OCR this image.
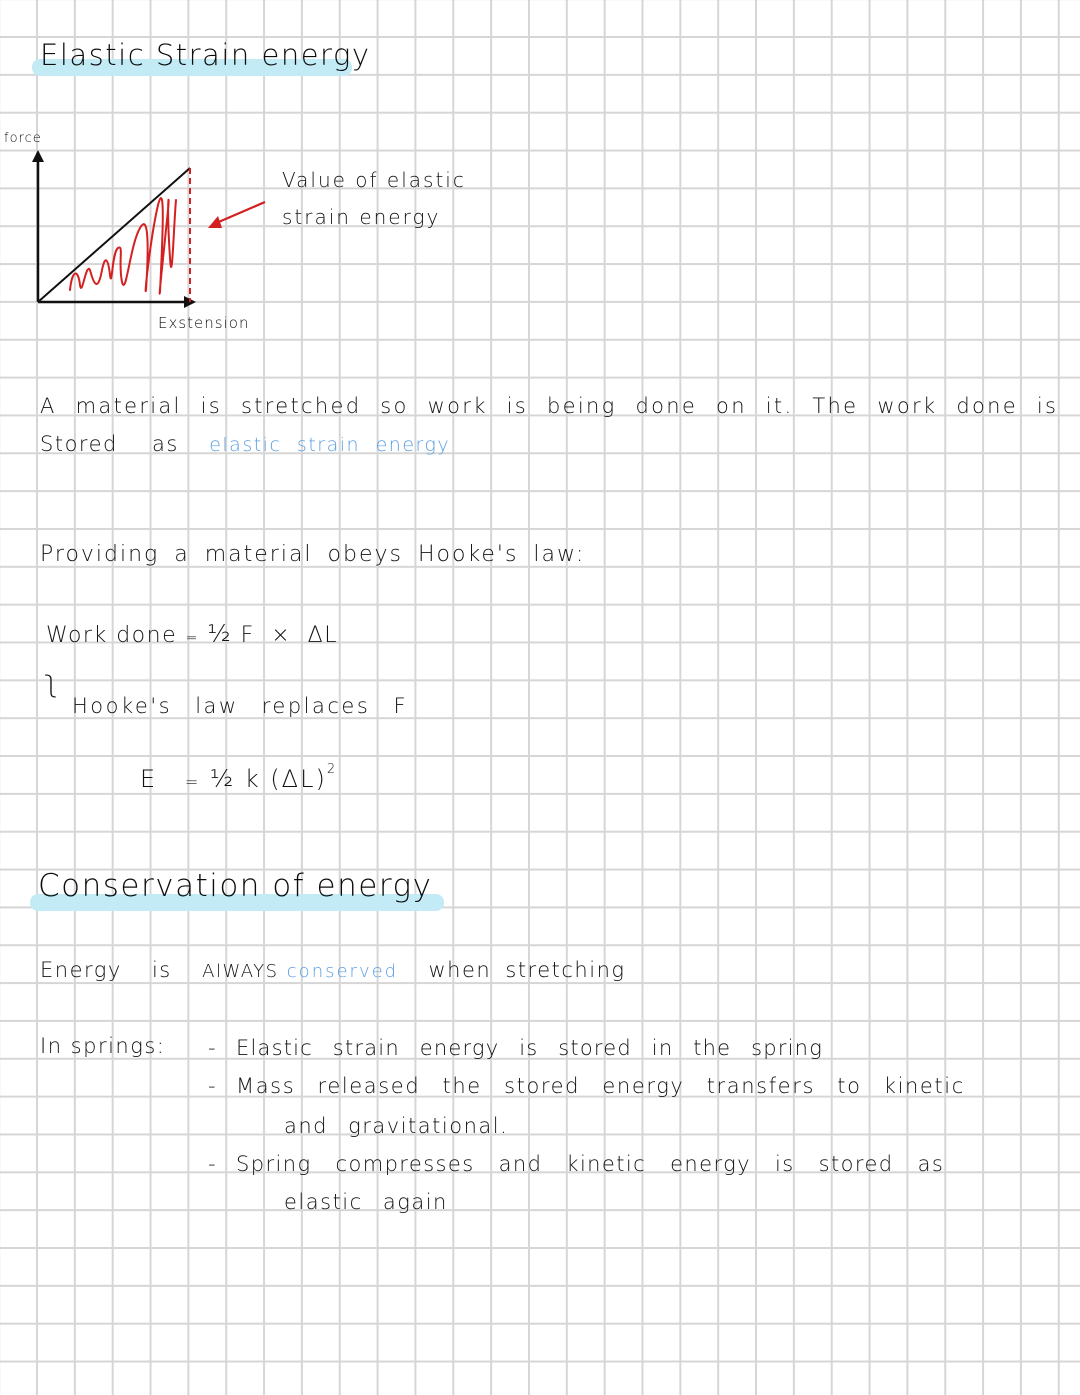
Elastic Strain energy
force
Exstension
Value of elastic
strain energy
A material is stretched so work is being done on it. The work done is
Stored as elastic strain energy
Providing a material obeys Hooke's law:
Work done = ½ F × ΔL
ʅ
Hooke's law replaces F
E = ½ k $(\Delta L)^2$
Conservation of energy
Energy is AlWAYS conserved when stretching
In springs: - Elastic strain energy is stored in the spring
- Mass released the stored energy transfers to kinetic
and gravitational.
- Spring compresses and kinetic energy is stored as
elastic again
